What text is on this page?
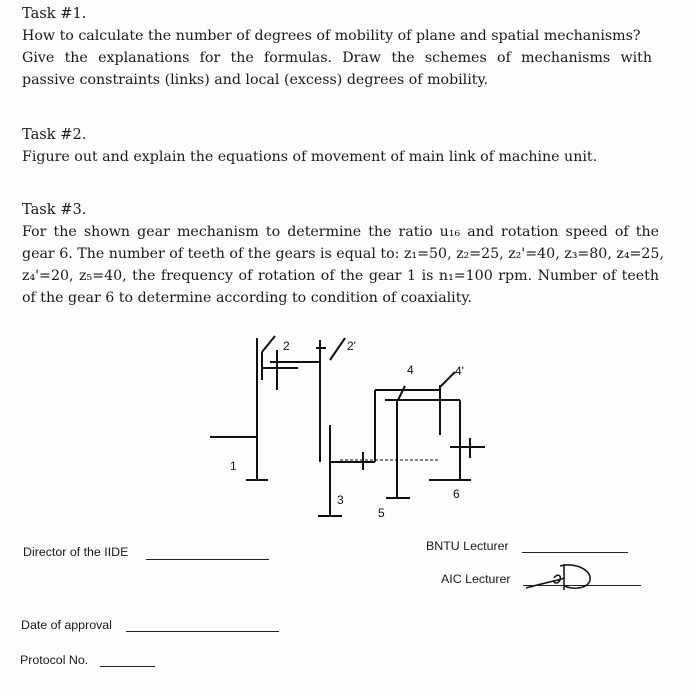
Task #1.
How to calculate the number of degrees of mobility of plane and spatial mechanisms?
Give the explanations for the formulas. Draw the schemes of mechanisms with
passive constraints (links) and local (excess) degrees of mobility.
Task #2.
Figure out and explain the equations of movement of main link of machine unit.
Task #3.
For the shown gear mechanism to determine the ratio u₁₆ and rotation speed of the
gear 6. The number of teeth of the gears is equal to: z₁=50, z₂=25, z₂'=40, z₃=80, z₄=25,
z₄'=20, z₅=40, the frequency of rotation of the gear 1 is n₁=100 rpm. Number of teeth
of the gear 6 to determine according to condition of coaxiality.
2	2'
4	4'
1
3
5
6
Director of the IIDE	BNTU Lecturer
AIC Lecturer
Date of approval
Protocol No.
